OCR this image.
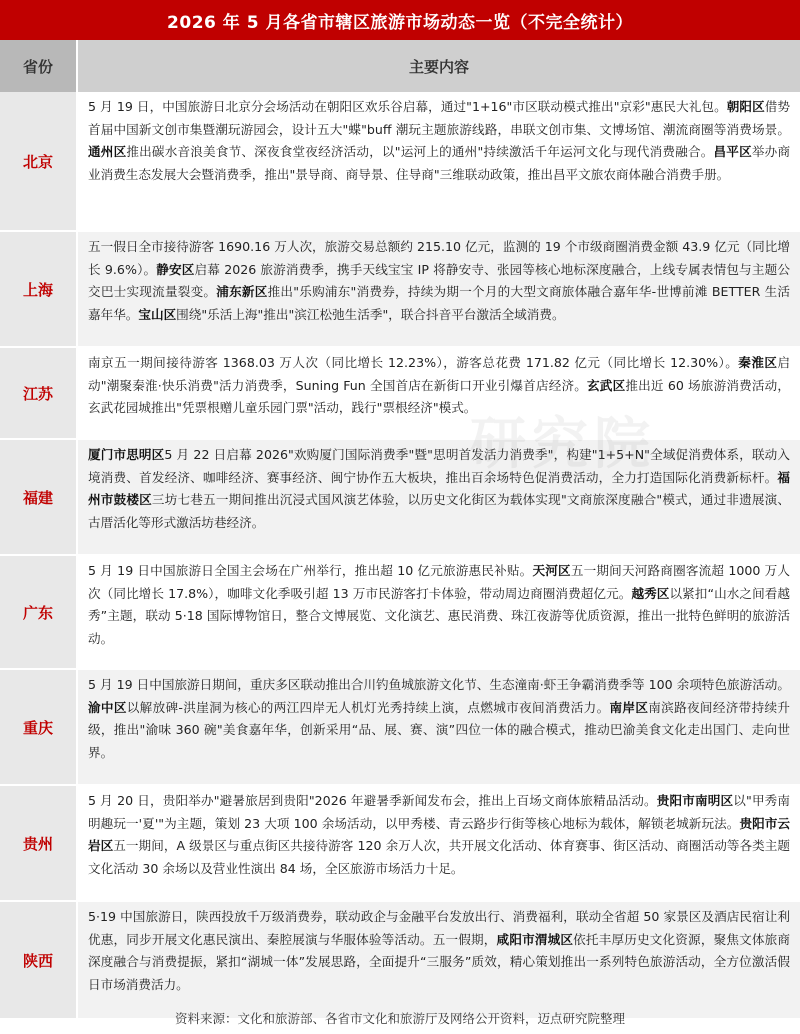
2026 年 5 月各省市辖区旅游市场动态一览（不完全统计）
省份	主要内容
北京
5 月 19 日，中国旅游日北京分会场活动在朝阳区欢乐谷启幕，通过"1+16"市区联动模式推出"京彩"惠民大礼包。朝阳区借势首届中国新文创市集暨潮玩游园会，设计五大"蝶"buff 潮玩主题旅游线路，串联文创市集、文博场馆、潮流商圈等消费场景。通州区推出碳水音浪美食节、深夜食堂夜经济活动，以"运河上的通州"持续激活千年运河文化与现代消费融合。昌平区举办商业消费生态发展大会暨消费季，推出"景导商、商导景、住导商"三维联动政策，推出昌平文旅农商体融合消费手册。
上海
五一假日全市接待游客 1690.16 万人次，旅游交易总额约 215.10 亿元，监测的 19 个市级商圈消费金额 43.9 亿元（同比增长 9.6%）。静安区启幕 2026 旅游消费季，携手天线宝宝 IP 将静安寺、张园等核心地标深度融合，上线专属表情包与主题公交巴士实现流量裂变。浦东新区推出"乐购浦东"消费券，持续为期一个月的大型文商旅体融合嘉年华-世博前滩 BETTER 生活嘉年华。宝山区围绕"乐活上海"推出"滨江松弛生活季"，联合抖音平台激活全域消费。
江苏
南京五一期间接待游客 1368.03 万人次（同比增长 12.23%），游客总花费 171.82 亿元（同比增长 12.30%）。秦淮区启动"潮聚秦淮·快乐消费"活力消费季，Suning Fun 全国首店在新街口开业引爆首店经济。玄武区推出近 60 场旅游消费活动，玄武花园城推出"凭票根赠儿童乐园门票"活动，践行"票根经济"模式。
福建
厦门市思明区5 月 22 日启幕 2026"欢购厦门国际消费季"暨"思明首发活力消费季"，构建"1+5+N"全域促消费体系，联动入境消费、首发经济、咖啡经济、赛事经济、闽宁协作五大板块，推出百余场特色促消费活动，全力打造国际化消费新标杆。福州市鼓楼区三坊七巷五一期间推出沉浸式国风演艺体验，以历史文化街区为载体实现"文商旅深度融合"模式，通过非遗展演、古厝活化等形式激活坊巷经济。
广东
5 月 19 日中国旅游日全国主会场在广州举行，推出超 10 亿元旅游惠民补贴。天河区五一期间天河路商圈客流超 1000 万人次（同比增长 17.8%），咖啡文化季吸引超 13 万市民游客打卡体验，带动周边商圈消费超亿元。越秀区以紧扣“山水之间看越秀”主题，联动 5·18 国际博物馆日，整合文博展览、文化演艺、惠民消费、珠江夜游等优质资源，推出一批特色鲜明的旅游活动。
重庆
5 月 19 日中国旅游日期间，重庆多区联动推出合川钓鱼城旅游文化节、生态潼南·虾王争霸消费季等 100 余项特色旅游活动。渝中区以解放碑-洪崖洞为核心的两江四岸无人机灯光秀持续上演，点燃城市夜间消费活力。南岸区南滨路夜间经济带持续升级，推出"渝味 360 碗"美食嘉年华，创新采用“品、展、赛、演”四位一体的融合模式，推动巴渝美食文化走出国门、走向世界。
贵州
5 月 20 日，贵阳举办"避暑旅居到贵阳"2026 年避暑季新闻发布会，推出上百场文商体旅精品活动。贵阳市南明区以"甲秀南明趣玩一'夏'"为主题，策划 23 大项 100 余场活动，以甲秀楼、青云路步行街等核心地标为载体，解锁老城新玩法。贵阳市云岩区五一期间，A 级景区与重点街区共接待游客 120 余万人次，共开展文化活动、体育赛事、街区活动、商圈活动等各类主题文化活动 30 余场以及营业性演出 84 场，全区旅游市场活力十足。
陕西
5·19 中国旅游日，陕西投放千万级消费券，联动政企与金融平台发放出行、消费福利，联动全省超 50 家景区及酒店民宿让利优惠，同步开展文化惠民演出、秦腔展演与华服体验等活动。五一假期，咸阳市渭城区依托丰厚历史文化资源，聚焦文体旅商深度融合与消费提振，紧扣“湖城一体”发展思路，全面提升“三服务”质效，精心策划推出一系列特色旅游活动，全方位激活假日市场消费活力。
资料来源：文化和旅游部、各省市文化和旅游厅及网络公开资料，迈点研究院整理
